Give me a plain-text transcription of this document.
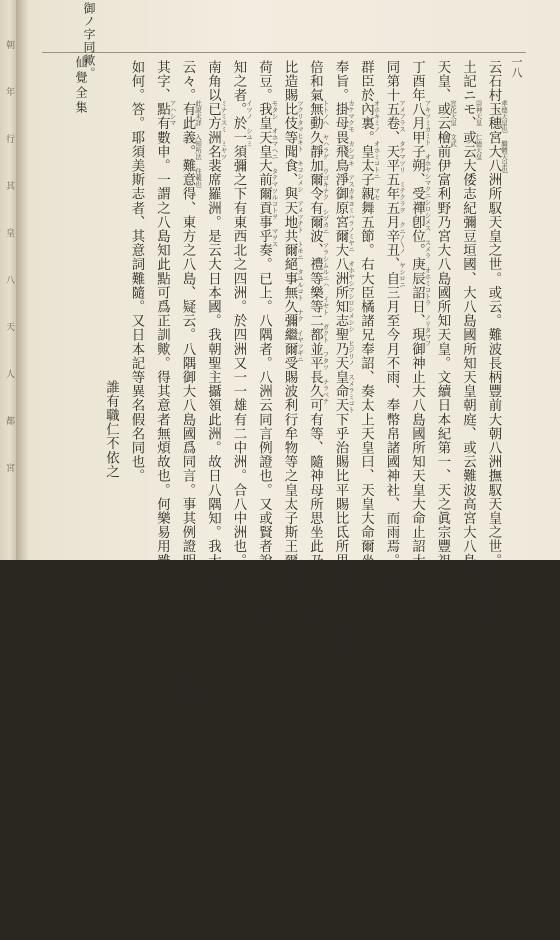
朝
年
行
其
皇
八
天
人
都
宮
御ノ字同歟。
仙覺全集	一八
云石村玉穗宮大八洲所馭天皇之世。或云。難波長柄豐前大朝八洲撫馭天皇之世。阿波國風 孝德天皇也 繼體天皇也
土記ニモ、或云大倭志紀彌豆垣國、大八島國所知天皇朝庭、或云難波高宮大八島國所知 崇神天皇 仁德天皇
天皇、或云檜前伊富利野乃宮大八島國所知天皇。文續日本紀第一、天之眞宗豐祖父天皇、 宣化天皇 文武
丁酉年八月甲子朔、受禪卽位。庚辰詔日、現御神止大八島國所知天皇大命止詔大命乎云々。 アキツミカミト オホヤシマクニシロシメス スメラ オホミコトラ ノリタマフ
同第十五卷、天平五年五月辛丑、自三月至今月不雨、奉幣帛諸國神社、而雨焉。癸卯、 アメフラス タテマツリ ミテクラヲ クニ〳〵ノ ヤシロニ
群臣於內裏。皇太子親舞五節。右大臣橘諸兄奉詔、奏太上天皇曰、天皇大命爾坐西 オホキミノ オホミコトニ マセ
奉旨。掛母畏飛鳥淨御原宮爾大八洲所知志聖乃天皇命天下乎治賜比平賜比氐所思坐久上下乎齊 カケマクモ カシコキ アスカキヨミハラノミヤニ オホヤシマシロシメシシ ヒジリノ スメラミコト
倍和氣無動久靜加爾令有爾波、禮等樂等二都並平長久可有等、隨神母所思坐此乃舞乎始賜 トトノヘ ヤハラゲ ウゴキナク シヅカニ アラシムルニハ イヤト ガクト フタツ ナラベテ
比造賜比伎等聞食、與天地共爾絕事無久彌繼爾受賜波利行牟物等之皇太子斯王爾學志、頂令 ツクリタマヒキト キコシメシ アメツチト トモニ タユルコト ナク イヤツギニ
荷豆。我皇天皇大前爾貢事乎奏。已上。八隅者。八洲云同言例證也。又或賢者說云。八隅 モタシ オホマヘニ タテマツルコトヲ マヲス
知之者。於一須彌之下有東西北之四洲。於四洲又一一雄有二中洲。合八中洲也。其東 イツノ シユミ
南角以已方洲名裴席羅洲。是云大日本國。我朝聖主攝領此洲。故日八隅知。我大王也 ミナミスミ ミヤツ
云々。有此義。難意得、東方之八島、疑云。八隅御大八島國爲同言。事其例證明之事已畢。今者八隅知之 此說未詳 入知所法 住載也
其字、點有數申。一謂之八島知此點可爲正訓歟。得其意者無煩故也。何樂易用雖乎 アハシマ
如何。答。耶須美斯志者、其意詞難隨。又日本記等異名假名同也。
誰有職仁不依之
